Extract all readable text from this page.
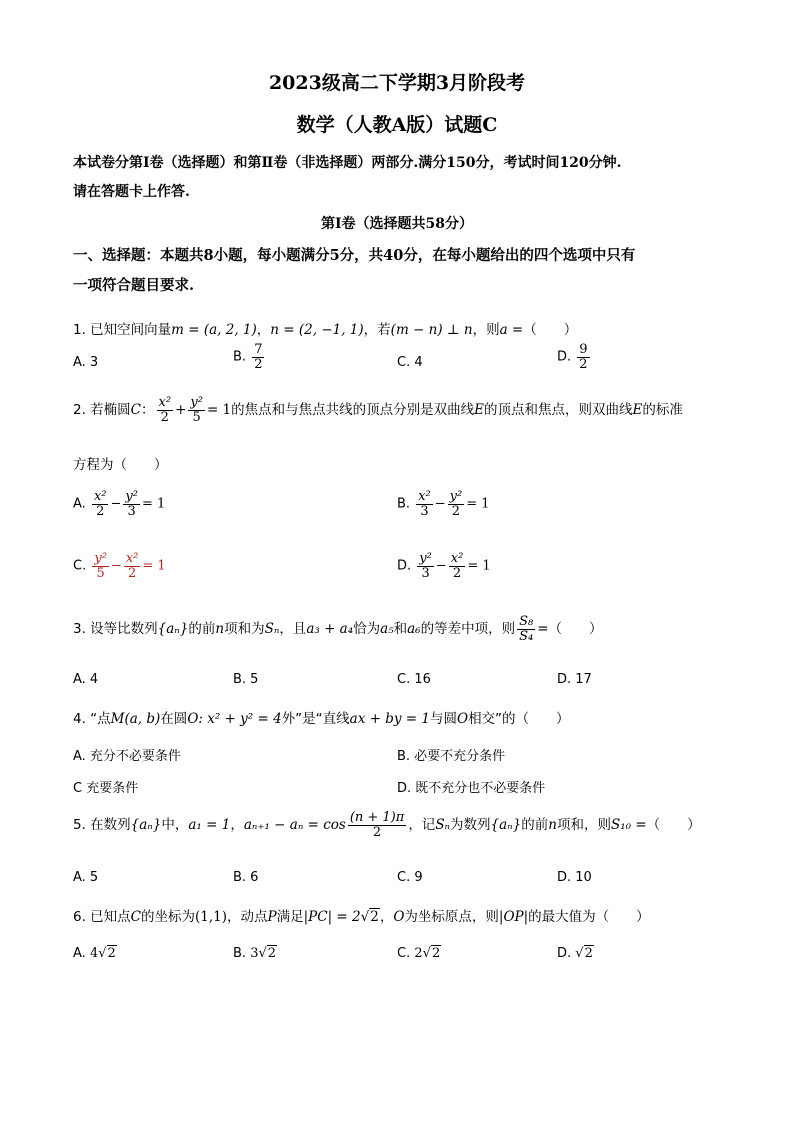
2023级高二下学期3月阶段考
数学（人教A版）试题C
本试卷分第Ⅰ卷（选择题）和第Ⅱ卷（非选择题）两部分.满分150分，考试时间120分钟.
请在答题卡上作答.
第Ⅰ卷（选择题共58分）
一、选择题：本题共8小题，每小题满分5分，共40分，在每小题给出的四个选项中只有
一项符合题目要求.
1. 已知空间向量m = (a, 2, 1)，n = (2, −1, 1)，若(m − n) ⊥ n，则a =（　　）
A. 3	B. $\frac{7}{2}$	C. 4	D. $\frac{9}{2}$
2. 若椭圆C： $\frac{\text{x²}}{2} + \frac{\text{y²}}{5} = 1$的焦点和与焦点共线的顶点分别是双曲线E的顶点和焦点，则双曲线E的标准
方程为（　　）
A. $\frac{\text{x²}}{2} - \frac{\text{y²}}{3} = 1$	B. $\frac{\text{x²}}{3} - \frac{\text{y²}}{2} = 1$
C. $\frac{\text{y²}}{5} - \frac{\text{x²}}{2} = 1$	D. $\frac{\text{y²}}{3} - \frac{\text{x²}}{2} = 1$
3. 设等比数列{aₙ}的前n项和为Sₙ，且a₃ + a₄恰为a₅和a₆的等差中项，则 $\frac{\text{S₈}}{\text{S₄}}$ =（　　）
A. 4	B. 5	C. 16	D. 17
4. “点M(a, b)在圆O: x² + y² = 4外”是“直线ax + by = 1与圆O相交”的（　　）
A. 充分不必要条件	B. 必要不充分条件
C 充要条件	D. 既不充分也不必要条件
5. 在数列{aₙ}中，a₁ = 1，$a_{n+1} - a_n = \cos \frac{(n + 1)\pi}{2}$ ，记Sₙ为数列{aₙ}的前n项和，则S₁₀ =（　　）
A. 5	B. 6	C. 9	D. 10
6. 已知点C的坐标为(1,1)，动点P满足|PC| = 2√2，O为坐标原点，则|OP|的最大值为（　　）
A. 4√2	B. 3√2	C. 2√2	D. √2
